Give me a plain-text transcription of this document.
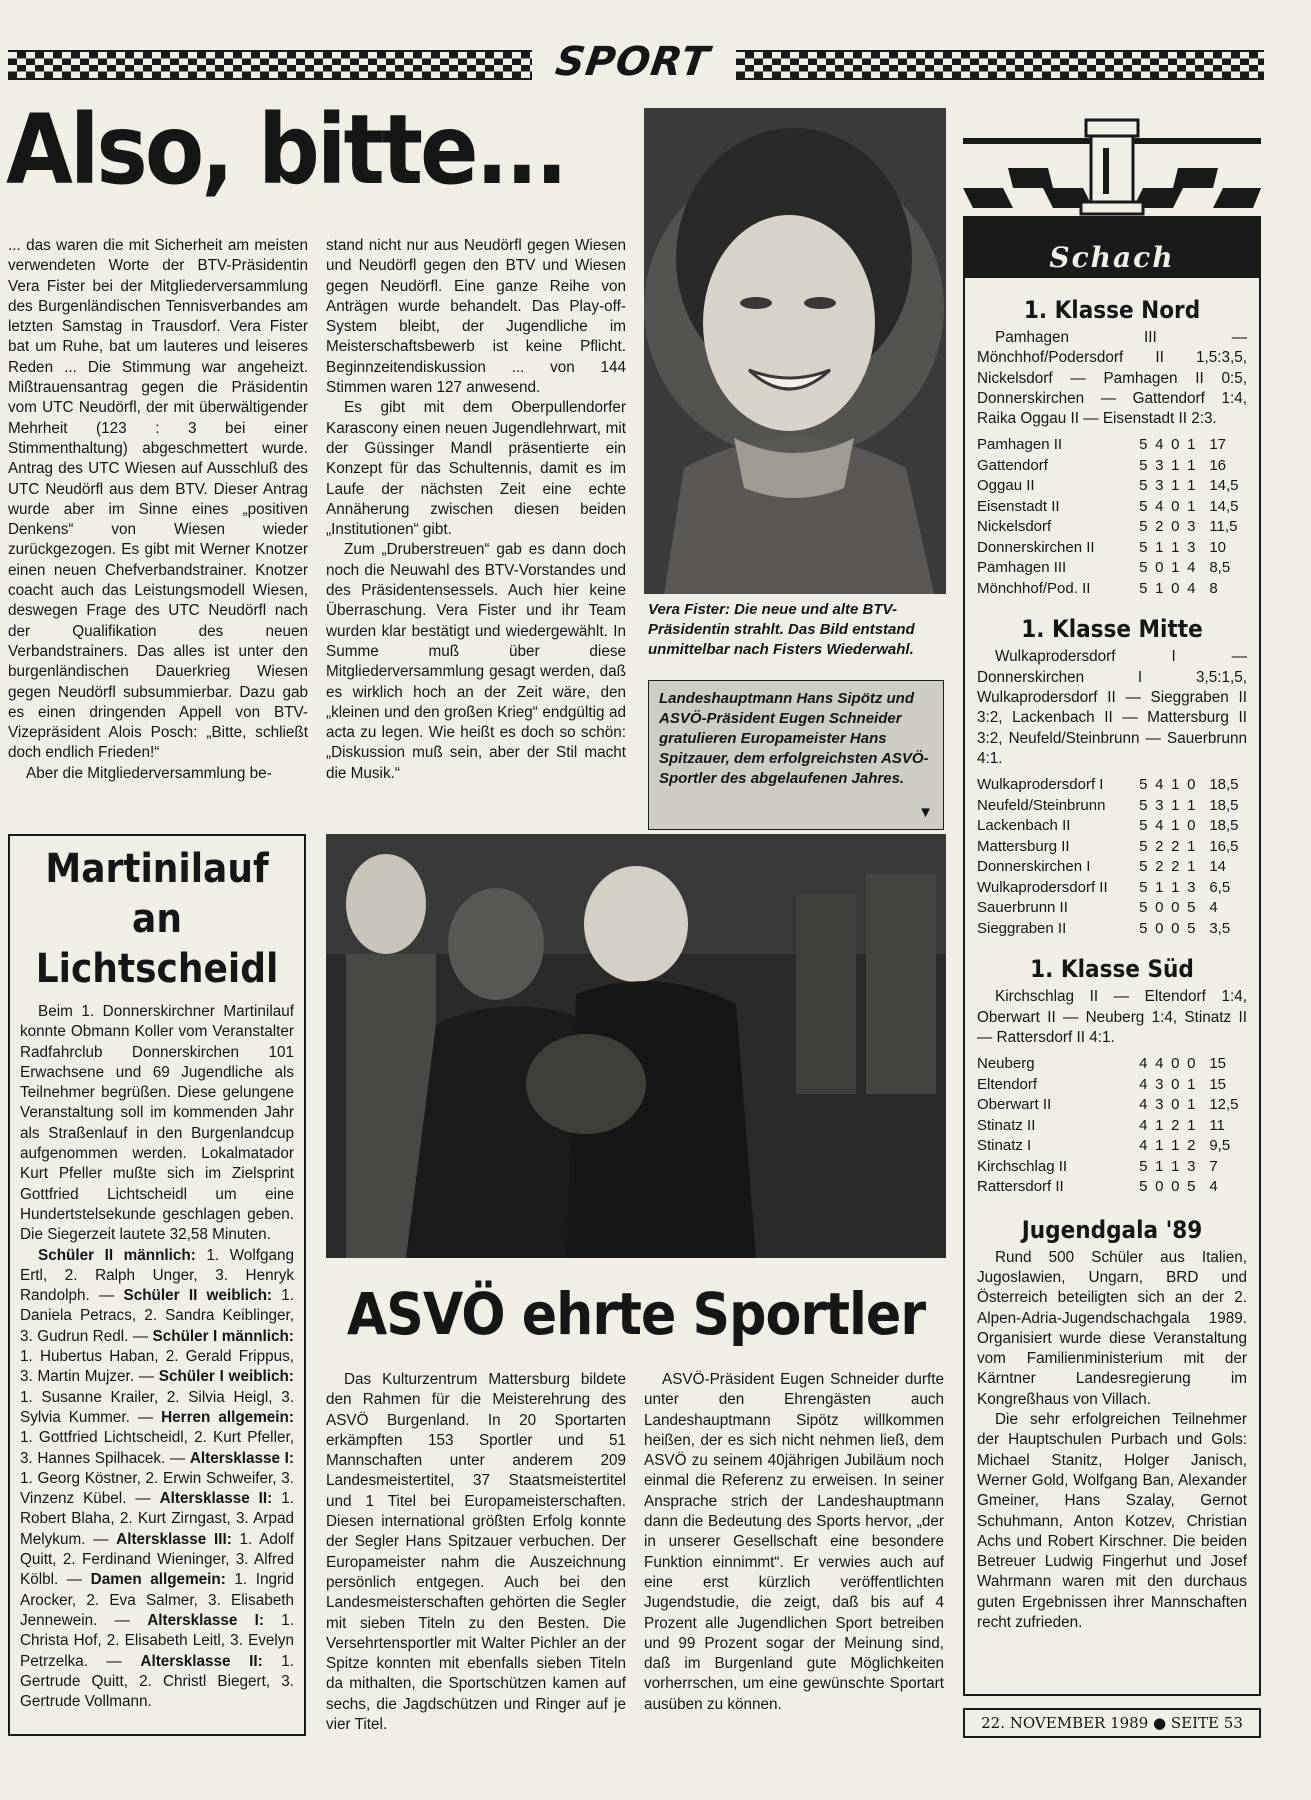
SPORT
Also, bitte...

... das waren die mit Sicherheit am meisten verwendeten Worte der BTV-Präsidentin Vera Fister bei der Mitgliederversammlung des Burgenländischen Tennisverbandes am letzten Samstag in Trausdorf. Vera Fister bat um Ruhe, bat um lauteres und leiseres Reden ... Die Stimmung war angeheizt. Mißtrauensantrag gegen die Präsidentin vom UTC Neudörfl, der mit überwältigender Mehrheit (123 : 3 bei einer Stimmenthaltung) abgeschmettert wurde. Antrag des UTC Wiesen auf Ausschluß des UTC Neudörfl aus dem BTV. Dieser Antrag wurde aber im Sinne eines „positiven Denkens“ von Wiesen wieder zurückgezogen. Es gibt mit Werner Knotzer einen neuen Chefverbandstrainer. Knotzer coacht auch das Leistungsmodell Wiesen, deswegen Frage des UTC Neudörfl nach der Qualifikation des neuen Verbandstrainers. Das alles ist unter den burgenländischen Dauerkrieg Wiesen gegen Neudörfl subsummierbar. Dazu gab es einen dringenden Appell von BTV-Vizepräsident Alois Posch: „Bitte, schließt doch endlich Frieden!“

Aber die Mitgliederversammlung be-

stand nicht nur aus Neudörfl gegen Wiesen und Neudörfl gegen den BTV und Wiesen gegen Neudörfl. Eine ganze Reihe von Anträgen wurde behandelt. Das Play-off-System bleibt, der Jugendliche im Meisterschaftsbewerb ist keine Pflicht. Beginnzeitendiskussion ... von 144 Stimmen waren 127 anwesend.

Es gibt mit dem Oberpullendorfer Karascony einen neuen Jugendlehrwart, mit der Güssinger Mandl präsentierte ein Konzept für das Schultennis, damit es im Laufe der nächsten Zeit eine echte Annäherung zwischen diesen beiden „Institutionen“ gibt.

Zum „Druberstreuen“ gab es dann doch noch die Neuwahl des BTV-Vorstandes und des Präsidentensessels. Auch hier keine Überraschung. Vera Fister und ihr Team wurden klar bestätigt und wiedergewählt. In Summe muß über diese Mitgliederversammlung gesagt werden, daß es wirklich hoch an der Zeit wäre, den „kleinen und den großen Krieg“ endgültig ad acta zu legen. Wie heißt es doch so schön: „Diskussion muß sein, aber der Stil macht die Musik.“

Vera Fister: Die neue und alte BTV-Präsidentin strahlt. Das Bild entstand unmittelbar nach Fisters Wiederwahl.
Landeshauptmann Hans Sipötz und ASVÖ-Präsident Eugen Schneider gratulieren Europameister Hans Spitzauer, dem erfolgreichsten ASVÖ-Sportler des abgelaufenen Jahres.
▼
Martinilauf an
Lichtscheidl

Beim 1. Donnerskirchner Martinilauf konnte Obmann Koller vom Veranstalter Radfahrclub Donnerskirchen 101 Erwachsene und 69 Jugendliche als Teilnehmer begrüßen. Diese gelungene Veranstaltung soll im kommenden Jahr als Straßenlauf in den Burgenlandcup aufgenommen werden. Lokalmatador Kurt Pfeller mußte sich im Zielsprint Gottfried Lichtscheidl um eine Hundertstelsekunde geschlagen geben. Die Siegerzeit lautete 32,58 Minuten.

Schüler II männlich: 1. Wolfgang Ertl, 2. Ralph Unger, 3. Henryk Randolph. — Schüler II weiblich: 1. Daniela Petracs, 2. Sandra Keiblinger, 3. Gudrun Redl. — Schüler I männlich: 1. Hubertus Haban, 2. Gerald Frippus, 3. Martin Mujzer. — Schüler I weiblich: 1. Susanne Krailer, 2. Silvia Heigl, 3. Sylvia Kummer. — Herren allgemein: 1. Gottfried Lichtscheidl, 2. Kurt Pfeller, 3. Hannes Spilhacek. — Altersklasse I: 1. Georg Köstner, 2. Erwin Schweifer, 3. Vinzenz Kübel. — Altersklasse II: 1. Robert Blaha, 2. Kurt Zirngast, 3. Arpad Melykum. — Altersklasse III: 1. Adolf Quitt, 2. Ferdinand Wieninger, 3. Alfred Kölbl. — Damen allgemein: 1. Ingrid Arocker, 2. Eva Salmer, 3. Elisabeth Jennewein. — Altersklasse I: 1. Christa Hof, 2. Elisabeth Leitl, 3. Evelyn Petrzelka. — Altersklasse II: 1. Gertrude Quitt, 2. Christl Biegert, 3. Gertrude Vollmann.

ASVÖ ehrte Sportler

Das Kulturzentrum Mattersburg bildete den Rahmen für die Meisterehrung des ASVÖ Burgenland. In 20 Sportarten erkämpften 153 Sportler und 51 Mannschaften unter anderem 209 Landesmeistertitel, 37 Staatsmeistertitel und 1 Titel bei Europameisterschaften. Diesen international größten Erfolg konnte der Segler Hans Spitzauer verbuchen. Der Europameister nahm die Auszeichnung persönlich entgegen. Auch bei den Landesmeisterschaften gehörten die Segler mit sieben Titeln zu den Besten. Die Versehrtensportler mit Walter Pichler an der Spitze konnten mit ebenfalls sieben Titeln da mithalten, die Sportschützen kamen auf sechs, die Jagdschützen und Ringer auf je vier Titel.

ASVÖ-Präsident Eugen Schneider durfte unter den Ehrengästen auch Landeshauptmann Sipötz willkommen heißen, der es sich nicht nehmen ließ, dem ASVÖ zu seinem 40jährigen Jubiläum noch einmal die Referenz zu erweisen. In seiner Ansprache strich der Landeshauptmann dann die Bedeutung des Sports hervor, „der in unserer Gesellschaft eine besondere Funktion einnimmt“. Er verwies auch auf eine erst kürzlich veröffentlichten Jugendstudie, die zeigt, daß bis auf 4 Prozent alle Jugendlichen Sport betreiben und 99 Prozent sogar der Meinung sind, daß im Burgenland gute Möglichkeiten vorherrschen, um eine gewünschte Sportart ausüben zu können.

Schach
1. Klasse Nord
Pamhagen III — Mönchhof/Podersdorf II 1,5:3,5, Nickelsdorf — Pamhagen II 0:5, Donnerskirchen — Gattendorf 1:4, Raika Oggau II — Eisenstadt II 2:3.
Pamhagen II	5 4 0 1 17
Gattendorf	5 3 1 1 16
Oggau II	5 3 1 1 14,5
Eisenstadt II	5 4 0 1 14,5
Nickelsdorf	5 2 0 3 11,5
Donnerskirchen II	5 1 1 3 10
Pamhagen III	5 0 1 4 8,5
Mönchhof/Pod. II	5 1 0 4 8
1. Klasse Mitte
Wulkaprodersdorf I — Donnerskirchen I 3,5:1,5, Wulkaprodersdorf II — Sieggraben II 3:2, Lackenbach II — Mattersburg II 3:2, Neufeld/Steinbrunn — Sauerbrunn 4:1.
Wulkaprodersdorf I	5 4 1 0 18,5
Neufeld/Steinbrunn	5 3 1 1 18,5
Lackenbach II	5 4 1 0 18,5
Mattersburg II	5 2 2 1 16,5
Donnerskirchen I	5 2 2 1 14
Wulkaprodersdorf II	5 1 1 3 6,5
Sauerbrunn II	5 0 0 5 4
Sieggraben II	5 0 0 5 3,5
1. Klasse Süd
Kirchschlag II — Eltendorf 1:4, Oberwart II — Neuberg 1:4, Stinatz II — Rattersdorf II 4:1.
Neuberg	4 4 0 0 15
Eltendorf	4 3 0 1 15
Oberwart II	4 3 0 1 12,5
Stinatz II	4 1 2 1 11
Stinatz I	4 1 1 2 9,5
Kirchschlag II	5 1 1 3 7
Rattersdorf II	5 0 0 5 4
Jugendgala '89

Rund 500 Schüler aus Italien, Jugoslawien, Ungarn, BRD und Österreich beteiligten sich an der 2. Alpen-Adria-Jugendschachgala 1989. Organisiert wurde diese Veranstaltung vom Familienministerium mit der Kärntner Landesregierung im Kongreßhaus von Villach.

Die sehr erfolgreichen Teilnehmer der Hauptschulen Purbach und Gols: Michael Stanitz, Holger Janisch, Werner Gold, Wolfgang Ban, Alexander Gmeiner, Hans Szalay, Gernot Schuhmann, Anton Kotzev, Christian Achs und Robert Kirschner. Die beiden Betreuer Ludwig Fingerhut und Josef Wahrmann waren mit den durchaus guten Ergebnissen ihrer Mannschaften recht zufrieden.

22. NOVEMBER 1989 ● SEITE 53
